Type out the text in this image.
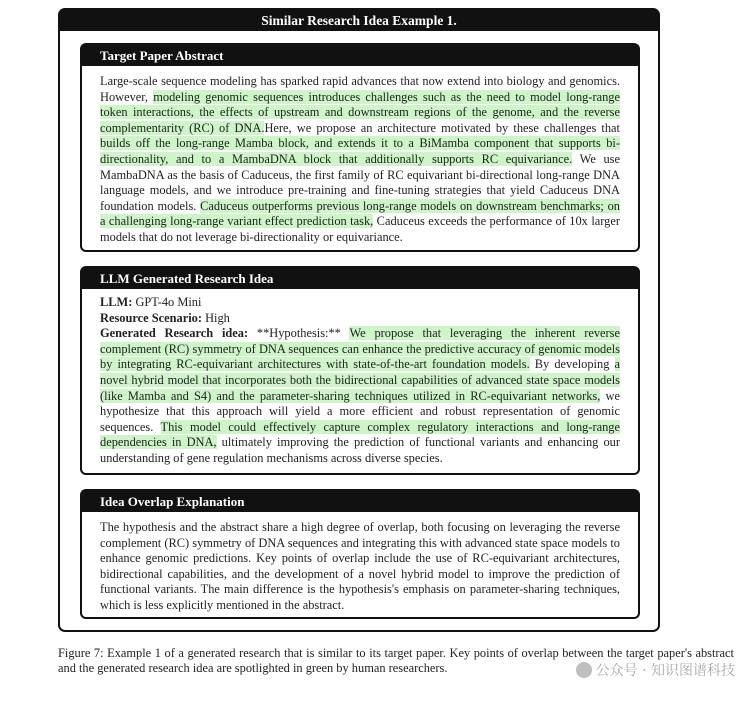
Similar Research Idea Example 1.
Target Paper Abstract
Large-scale sequence modeling has sparked rapid advances that now extend into biology and genomics. However, modeling genomic sequences introduces challenges such as the need to model long-range token interactions, the effects of upstream and downstream regions of the genome, and the reverse complementarity (RC) of DNA.Here, we propose an architecture motivated by these challenges that builds off the long-range Mamba block, and extends it to a BiMamba component that supports bi-directionality, and to a MambaDNA block that additionally supports RC equivariance. We use MambaDNA as the basis of Caduceus, the first family of RC equivariant bi-directional long-range DNA language models, and we introduce pre-training and fine-tuning strategies that yield Caduceus DNA foundation models. Caduceus outperforms previous long-range models on downstream benchmarks; on a challenging long-range variant effect prediction task, Caduceus exceeds the performance of 10x larger models that do not leverage bi-directionality or equivariance.
LLM Generated Research Idea
LLM: GPT-4o Mini
Resource Scenario: High
Generated Research idea: **Hypothesis:** We propose that leveraging the inherent reverse complement (RC) symmetry of DNA sequences can enhance the predictive accuracy of genomic models by integrating RC-equivariant architectures with state-of-the-art foundation models. By developing a novel hybrid model that incorporates both the bidirectional capabilities of advanced state space models (like Mamba and S4) and the parameter-sharing techniques utilized in RC-equivariant networks, we hypothesize that this approach will yield a more efficient and robust representation of genomic sequences. This model could effectively capture complex regulatory interactions and long-range dependencies in DNA, ultimately improving the prediction of functional variants and enhancing our understanding of gene regulation mechanisms across diverse species.
Idea Overlap Explanation
The hypothesis and the abstract share a high degree of overlap, both focusing on leveraging the reverse complement (RC) symmetry of DNA sequences and integrating this with advanced state space models to enhance genomic predictions. Key points of overlap include the use of RC-equivariant architectures, bidirectional capabilities, and the development of a novel hybrid model to improve the prediction of functional variants. The main difference is the hypothesis's emphasis on parameter-sharing techniques, which is less explicitly mentioned in the abstract.
Figure 7: Example 1 of a generated research that is similar to its target paper. Key points of overlap between the target paper's abstract and the generated research idea are spotlighted in green by human researchers.	公众号 · 知识图谱科技
